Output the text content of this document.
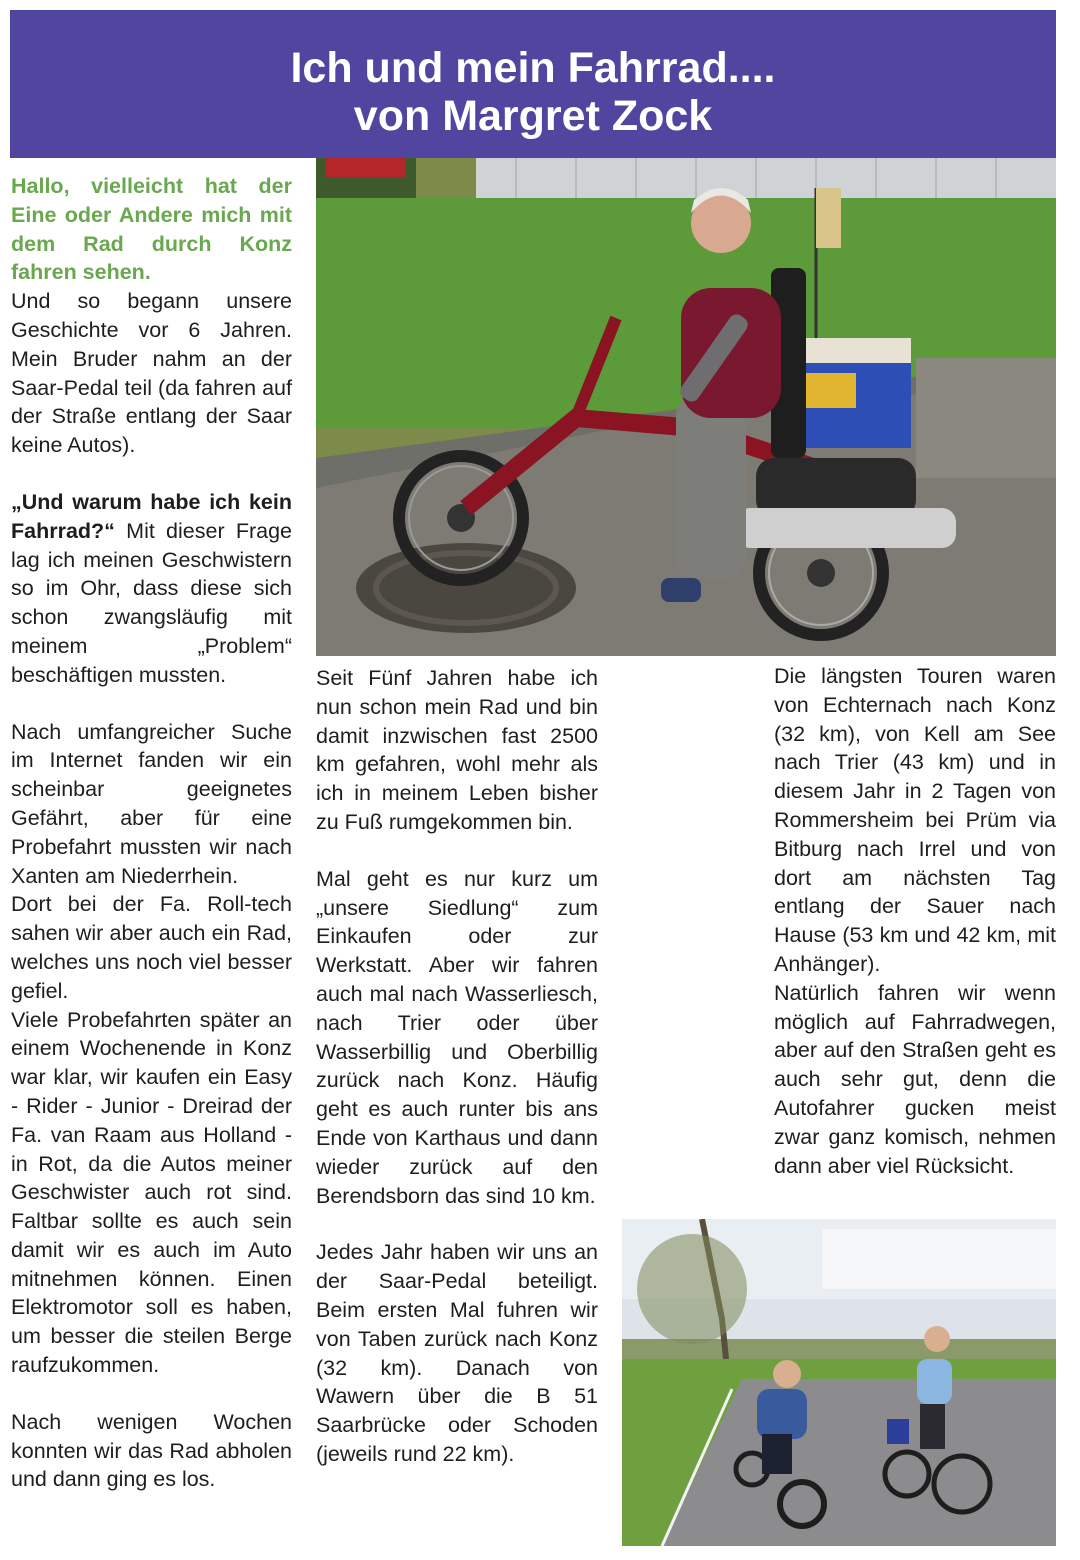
Ich und mein Fahrrad....
von Margret Zock

Hallo, vielleicht hat der Eine oder Andere mich mit dem Rad durch Konz fahren sehen.

Und so begann unsere Geschichte vor 6 Jahren. Mein Bruder nahm an der Saar-Pedal teil (da fahren auf der Straße entlang der Saar keine Autos).

„Und warum habe ich kein Fahrrad?“ Mit dieser Frage lag ich meinen Geschwistern so im Ohr, dass diese sich schon zwangsläufig mit meinem „Problem“ beschäftigen mussten.

Nach umfangreicher Suche im Internet fanden wir ein scheinbar geeignetes Gefährt, aber für eine Probefahrt mussten wir nach Xanten am Niederrhein.

Dort bei der Fa. Roll-tech sahen wir aber auch ein Rad, welches uns noch viel besser gefiel.

Viele Probefahrten später an einem Wochenende in Konz war klar, wir kaufen ein Easy - Rider - Junior - Dreirad der Fa. van Raam aus Holland - in Rot, da die Autos meiner Geschwister auch rot sind. Faltbar sollte es auch sein damit wir es auch im Auto mitnehmen können. Einen Elektromotor soll es haben, um besser die steilen Berge raufzukommen.

Nach wenigen Wochen konnten wir das Rad abholen und dann ging es los.

Seit Fünf Jahren habe ich nun schon mein Rad und bin damit inzwischen fast 2500 km gefahren, wohl mehr als ich in meinem Leben bisher zu Fuß rumgekommen bin.

Mal geht es nur kurz um „unsere Siedlung“ zum Einkaufen oder zur Werkstatt. Aber wir fahren auch mal nach Wasserliesch, nach Trier oder über Wasserbillig und Oberbillig zurück nach Konz. Häufig geht es auch runter bis ans Ende von Karthaus und dann wieder zurück auf den Berendsborn das sind 10 km.

Jedes Jahr haben wir uns an der Saar-Pedal beteiligt. Beim ersten Mal fuhren wir von Taben zurück nach Konz (32 km). Danach von Wawern über die B 51 Saarbrücke oder Schoden (jeweils rund 22 km).

Die längsten Touren waren von Echternach nach Konz (32 km), von Kell am See nach Trier (43 km) und in diesem Jahr in 2 Tagen von Rommersheim bei Prüm via Bitburg nach Irrel und von dort am nächsten Tag entlang der Sauer nach Hause (53 km und 42 km, mit Anhänger).

Natürlich fahren wir wenn möglich auf Fahrradwegen, aber auf den Straßen geht es auch sehr gut, denn die Autofahrer gucken meist zwar ganz komisch, nehmen dann aber viel Rücksicht.
